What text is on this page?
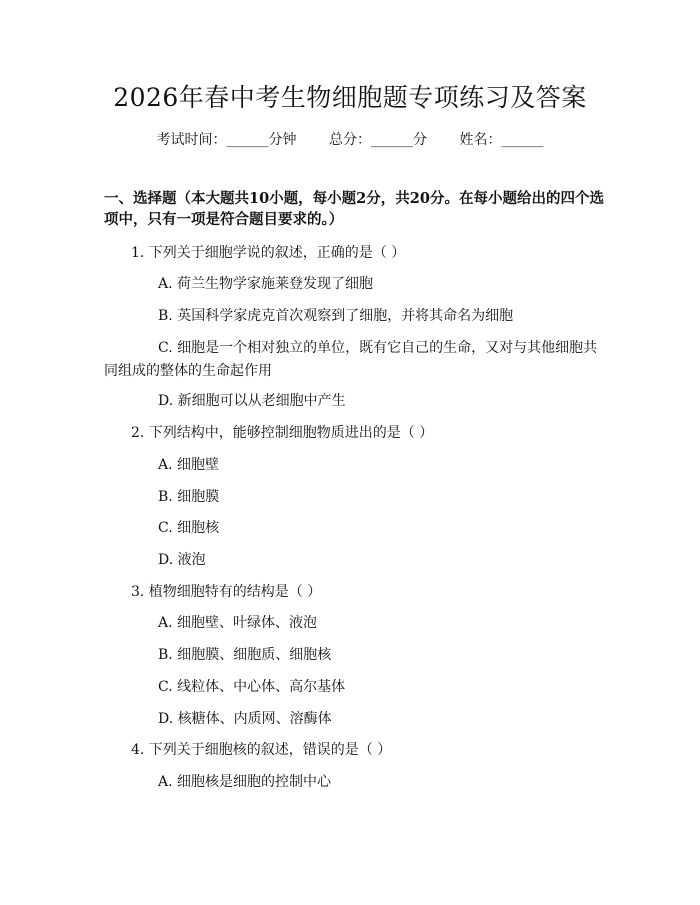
2026年春中考生物细胞题专项练习及答案
考试时间：______分钟 总分：______分 姓名：______
一、选择题（本大题共10小题，每小题2分，共20分。在每小题给出的四个选项中，只有一项是符合题目要求的。）
1. 下列关于细胞学说的叙述，正确的是（ ）
A. 荷兰生物学家施莱登发现了细胞
B. 英国科学家虎克首次观察到了细胞，并将其命名为细胞
C. 细胞是一个相对独立的单位，既有它自己的生命，又对与其他细胞共同组成的整体的生命起作用
D. 新细胞可以从老细胞中产生
2. 下列结构中，能够控制细胞物质进出的是（ ）
A. 细胞壁
B. 细胞膜
C. 细胞核
D. 液泡
3. 植物细胞特有的结构是（ ）
A. 细胞壁、叶绿体、液泡
B. 细胞膜、细胞质、细胞核
C. 线粒体、中心体、高尔基体
D. 核糖体、内质网、溶酶体
4. 下列关于细胞核的叙述，错误的是（ ）
A. 细胞核是细胞的控制中心
